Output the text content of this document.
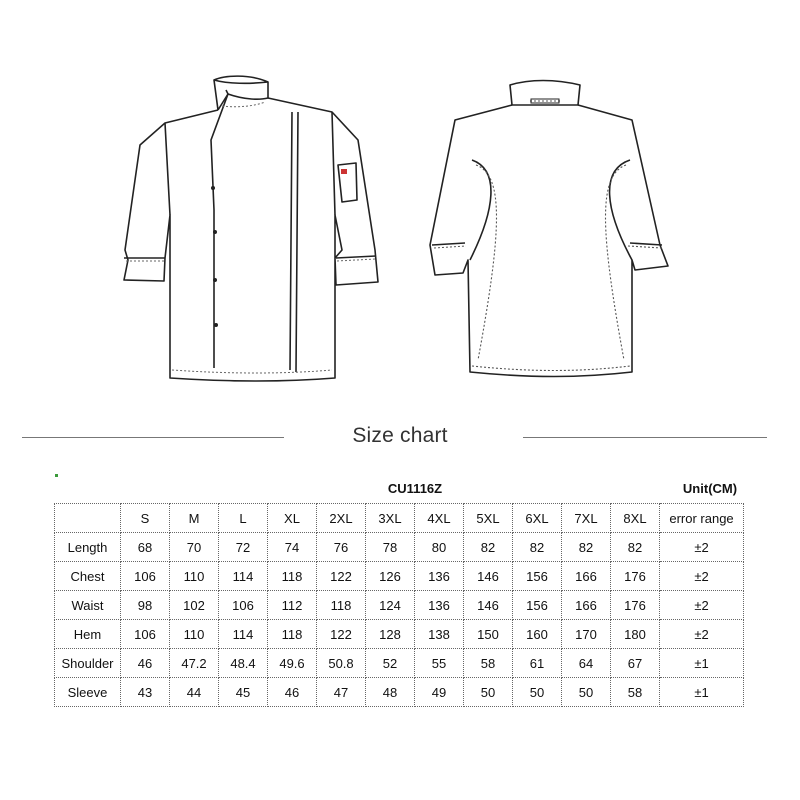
Size chart
CU1116Z	Unit(CM)
	S	M	L	XL	2XL	3XL	4XL	5XL	6XL	7XL	8XL	error range
Length	68	70	72	74	76	78	80	82	82	82	82	±2
Chest	106	110	114	118	122	126	136	146	156	166	176	±2
Waist	98	102	106	112	118	124	136	146	156	166	176	±2
Hem	106	110	114	118	122	128	138	150	160	170	180	±2
Shoulder	46	47.2	48.4	49.6	50.8	52	55	58	61	64	67	±1
Sleeve	43	44	45	46	47	48	49	50	50	50	58	±1
